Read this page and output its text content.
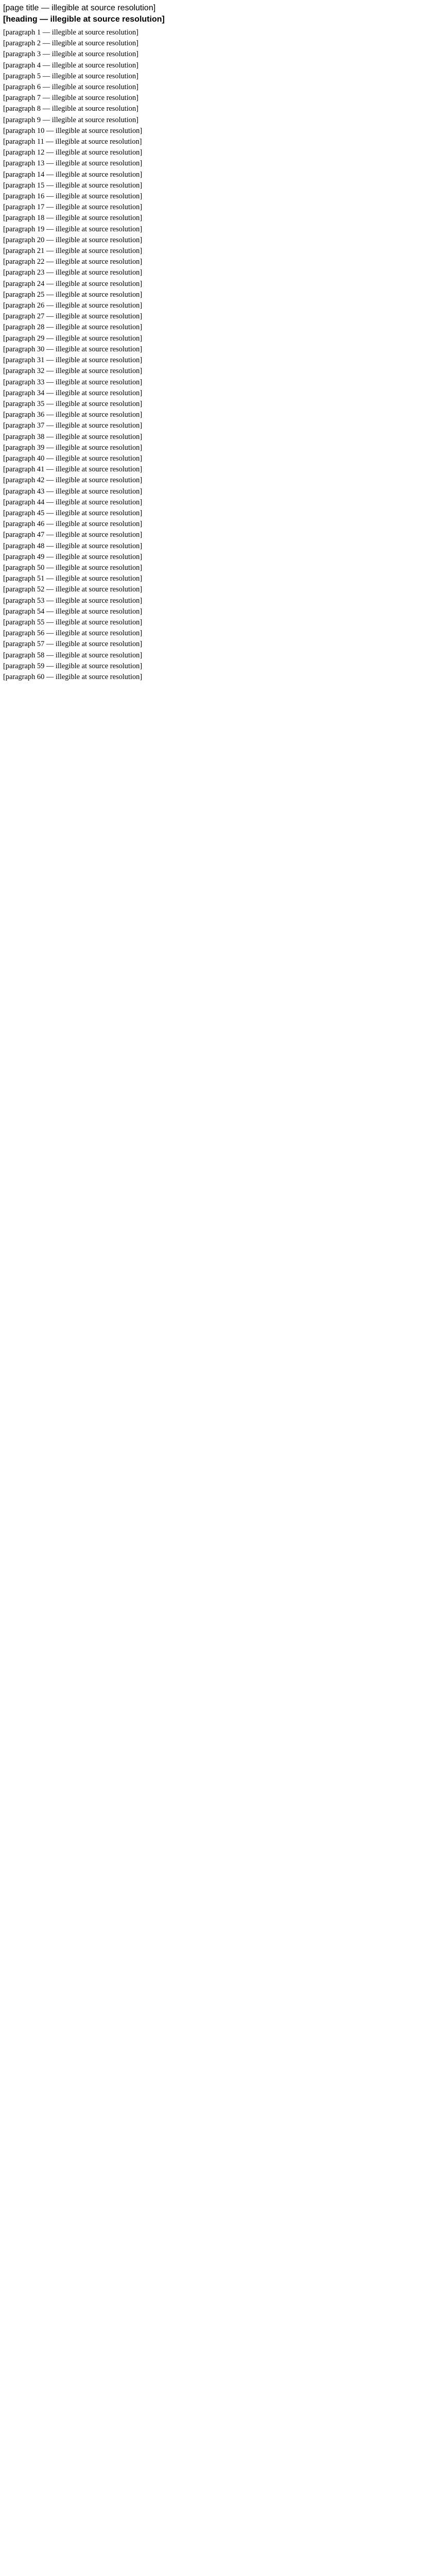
[page title — illegible at source resolution]
[heading — illegible at source resolution]

[paragraph 1 — illegible at source resolution]

[paragraph 2 — illegible at source resolution]

[paragraph 3 — illegible at source resolution]

[paragraph 4 — illegible at source resolution]

[paragraph 5 — illegible at source resolution]

[paragraph 6 — illegible at source resolution]

[paragraph 7 — illegible at source resolution]

[paragraph 8 — illegible at source resolution]

[paragraph 9 — illegible at source resolution]

[paragraph 10 — illegible at source resolution]

[paragraph 11 — illegible at source resolution]

[paragraph 12 — illegible at source resolution]

[paragraph 13 — illegible at source resolution]

[paragraph 14 — illegible at source resolution]

[paragraph 15 — illegible at source resolution]

[paragraph 16 — illegible at source resolution]

[paragraph 17 — illegible at source resolution]

[paragraph 18 — illegible at source resolution]

[paragraph 19 — illegible at source resolution]

[paragraph 20 — illegible at source resolution]

[paragraph 21 — illegible at source resolution]

[paragraph 22 — illegible at source resolution]

[paragraph 23 — illegible at source resolution]

[paragraph 24 — illegible at source resolution]

[paragraph 25 — illegible at source resolution]

[paragraph 26 — illegible at source resolution]

[paragraph 27 — illegible at source resolution]

[paragraph 28 — illegible at source resolution]

[paragraph 29 — illegible at source resolution]

[paragraph 30 — illegible at source resolution]

[paragraph 31 — illegible at source resolution]

[paragraph 32 — illegible at source resolution]

[paragraph 33 — illegible at source resolution]

[paragraph 34 — illegible at source resolution]

[paragraph 35 — illegible at source resolution]

[paragraph 36 — illegible at source resolution]

[paragraph 37 — illegible at source resolution]

[paragraph 38 — illegible at source resolution]

[paragraph 39 — illegible at source resolution]

[paragraph 40 — illegible at source resolution]

[paragraph 41 — illegible at source resolution]

[paragraph 42 — illegible at source resolution]

[paragraph 43 — illegible at source resolution]

[paragraph 44 — illegible at source resolution]

[paragraph 45 — illegible at source resolution]

[paragraph 46 — illegible at source resolution]

[paragraph 47 — illegible at source resolution]

[paragraph 48 — illegible at source resolution]

[paragraph 49 — illegible at source resolution]

[paragraph 50 — illegible at source resolution]

[paragraph 51 — illegible at source resolution]

[paragraph 52 — illegible at source resolution]

[paragraph 53 — illegible at source resolution]

[paragraph 54 — illegible at source resolution]

[paragraph 55 — illegible at source resolution]

[paragraph 56 — illegible at source resolution]

[paragraph 57 — illegible at source resolution]

[paragraph 58 — illegible at source resolution]

[paragraph 59 — illegible at source resolution]

[paragraph 60 — illegible at source resolution]
